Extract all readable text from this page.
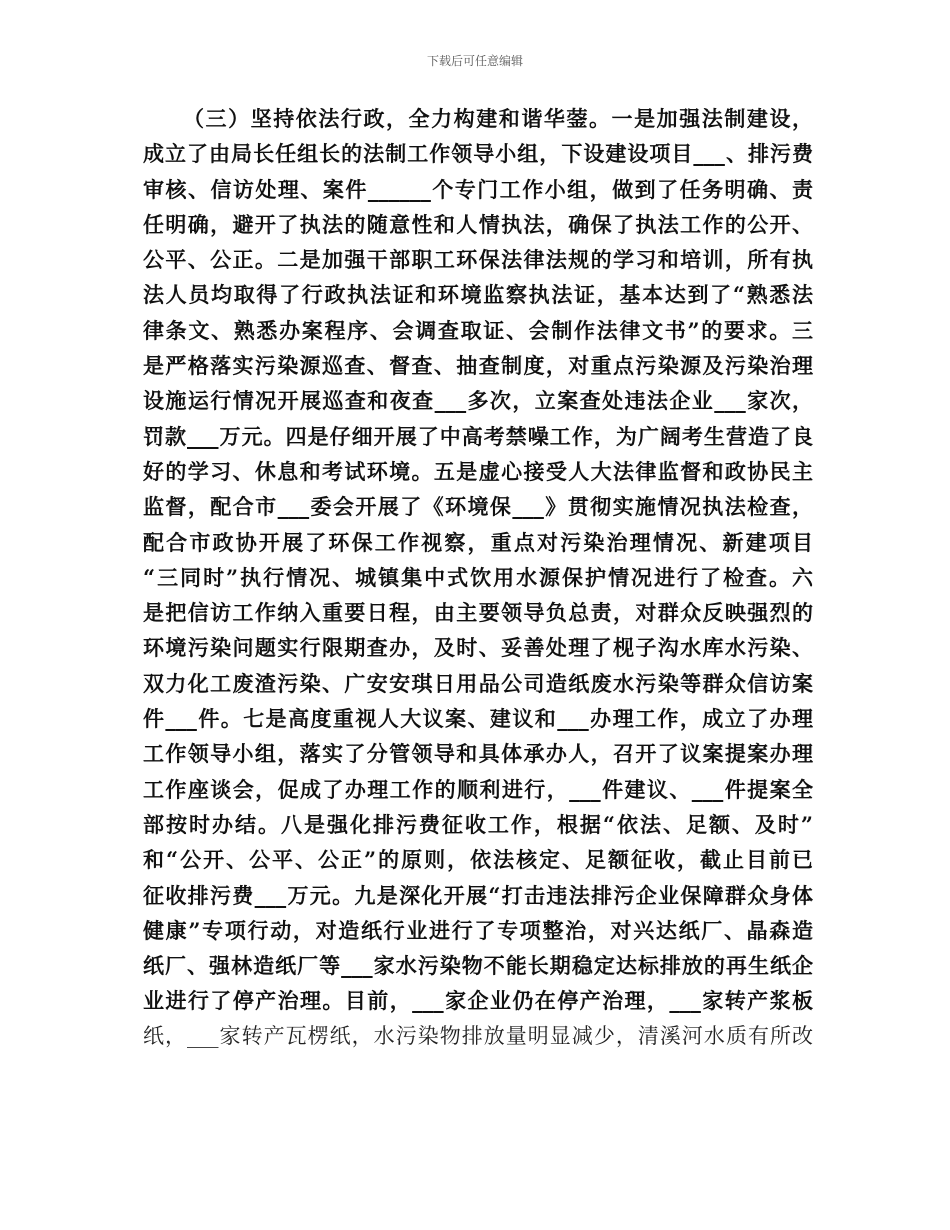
下载后可任意编辑
（三）坚持依法行政，全力构建和谐华蓥。一是加强法制建设，
成立了由局长任组长的法制工作领导小组，下设建设项目___、排污费
审核、信访处理、案件______个专门工作小组，做到了任务明确、责
任明确，避开了执法的随意性和人情执法，确保了执法工作的公开、
公平、公正。二是加强干部职工环保法律法规的学习和培训，所有执
法人员均取得了行政执法证和环境监察执法证，基本达到了“熟悉法
律条文、熟悉办案程序、会调查取证、会制作法律文书”的要求。三
是严格落实污染源巡查、督查、抽查制度，对重点污染源及污染治理
设施运行情况开展巡查和夜查___多次，立案查处违法企业___家次，
罚款___万元。四是仔细开展了中高考禁噪工作，为广阔考生营造了良
好的学习、休息和考试环境。五是虚心接受人大法律监督和政协民主
监督，配合市___委会开展了《环境保___》贯彻实施情况执法检查，
配合市政协开展了环保工作视察，重点对污染治理情况、新建项目
“三同时”执行情况、城镇集中式饮用水源保护情况进行了检查。六
是把信访工作纳入重要日程，由主要领导负总责，对群众反映强烈的
环境污染问题实行限期查办，及时、妥善处理了枧子沟水库水污染、
双力化工废渣污染、广安安琪日用品公司造纸废水污染等群众信访案
件___件。七是高度重视人大议案、建议和___办理工作，成立了办理
工作领导小组，落实了分管领导和具体承办人，召开了议案提案办理
工作座谈会，促成了办理工作的顺利进行，___件建议、___件提案全
部按时办结。八是强化排污费征收工作，根据“依法、足额、及时”
和“公开、公平、公正”的原则，依法核定、足额征收，截止目前已
征收排污费___万元。九是深化开展“打击违法排污企业保障群众身体
健康”专项行动，对造纸行业进行了专项整治，对兴达纸厂、晶森造
纸厂、强林造纸厂等___家水污染物不能长期稳定达标排放的再生纸企
业进行了停产治理。目前，___家企业仍在停产治理，___家转产浆板
纸，___家转产瓦楞纸，水污染物排放量明显减少，清溪河水质有所改
